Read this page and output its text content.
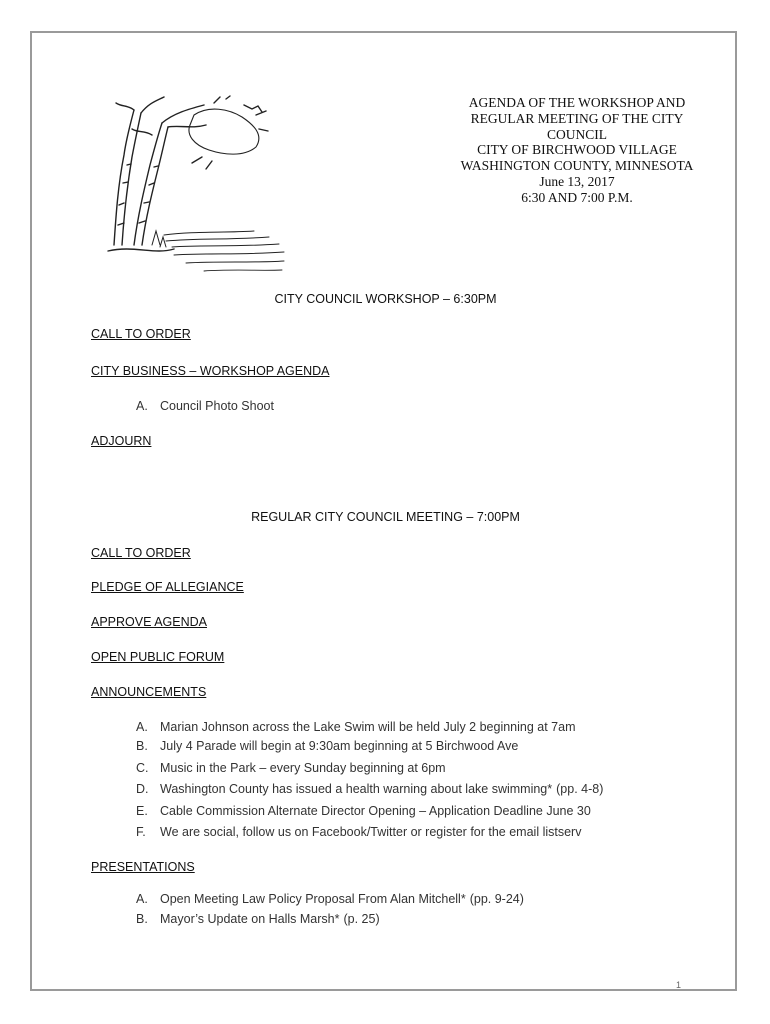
AGENDA OF THE WORKSHOP AND
REGULAR MEETING OF THE CITY
COUNCIL
CITY OF BIRCHWOOD VILLAGE
WASHINGTON COUNTY, MINNESOTA
June 13, 2017
6:30 AND 7:00 P.M.
CITY COUNCIL WORKSHOP – 6:30PM
CALL TO ORDER
CITY BUSINESS – WORKSHOP AGENDA
A. Council Photo Shoot
ADJOURN
REGULAR CITY COUNCIL MEETING – 7:00PM
CALL TO ORDER
PLEDGE OF ALLEGIANCE
APPROVE AGENDA
OPEN PUBLIC FORUM
ANNOUNCEMENTS
A. Marian Johnson across the Lake Swim will be held July 2 beginning at 7am
B. July 4 Parade will begin at 9:30am beginning at 5 Birchwood Ave
C. Music in the Park – every Sunday beginning at 6pm
D. Washington County has issued a health warning about lake swimming* (pp. 4-8)
E. Cable Commission Alternate Director Opening – Application Deadline June 30
F. We are social, follow us on Facebook/Twitter or register for the email listserv
PRESENTATIONS
A. Open Meeting Law Policy Proposal From Alan Mitchell* (pp. 9-24)
B. Mayor’s Update on Halls Marsh* (p. 25)
1
